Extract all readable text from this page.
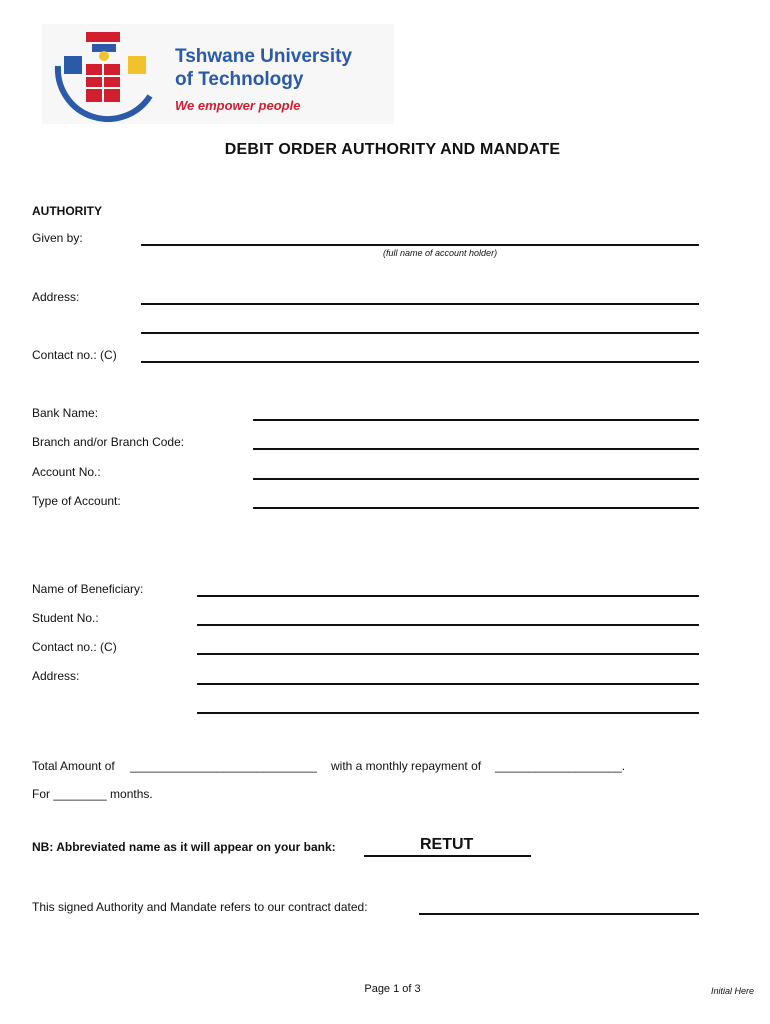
Tshwane University
of Technology
We empower people
DEBIT ORDER AUTHORITY AND MANDATE
AUTHORITY
Given by:
(full name of account holder)
Address:
Contact no.: (C)
Bank Name:
Branch and/or Branch Code:
Account No.:
Type of Account:
Name of Beneficiary:
Student No.:
Contact no.: (C)
Address:
Total Amount of ____________________________ with a monthly repayment of ___________________.
For ________ months.
NB: Abbreviated name as it will appear on your bank:	RETUT
This signed Authority and Mandate refers to our contract dated:
Page 1 of 3	Initial Here
